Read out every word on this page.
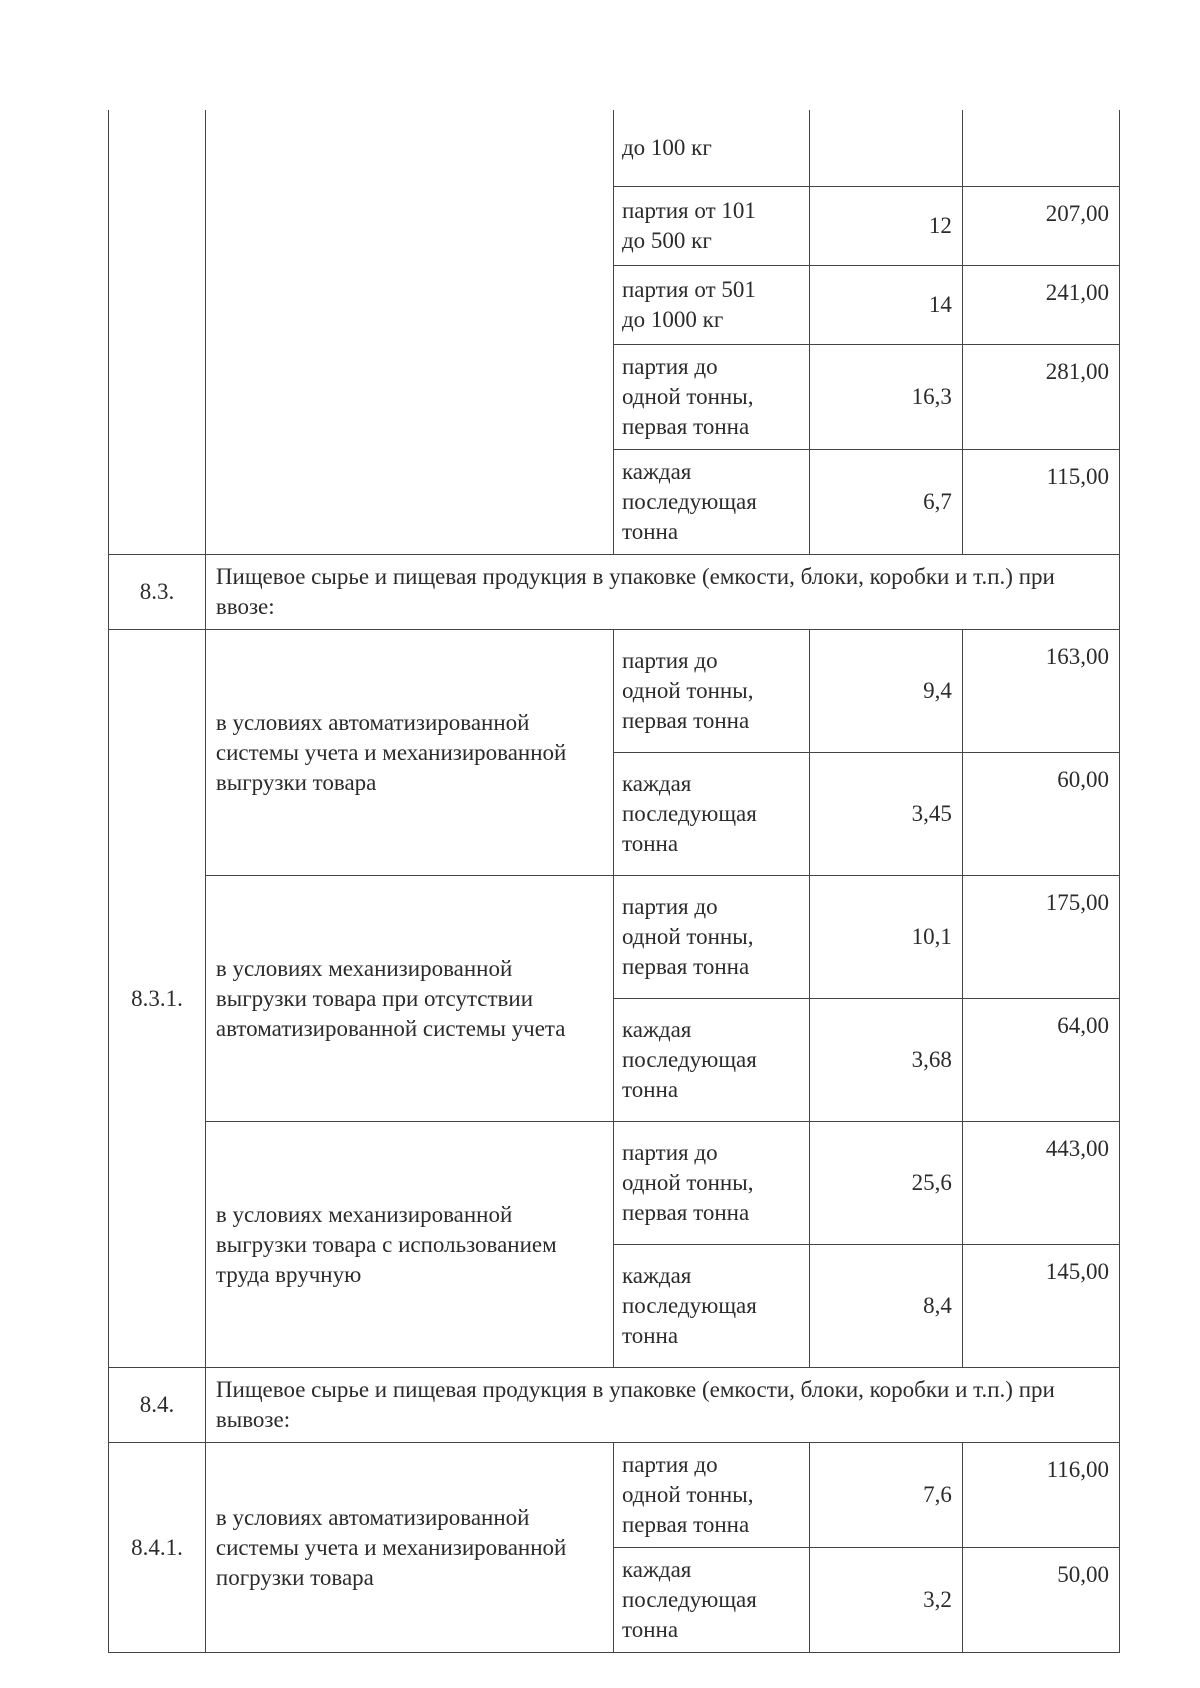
		до 100 кг		
		партия от 101
до 500 кг	12	207,00
		партия от 501
до 1000 кг	14	241,00
		партия до
одной тонны,
первая тонна	16,3	281,00
		каждая
последующая
тонна	6,7	115,00
8.3.	Пищевое сырье и пищевая продукция в упаковке (емкости, блоки, коробки и т.п.) при ввозе:			
8.3.1.	в условиях автоматизированной системы учета и механизированной выгрузки товара	партия до
одной тонны,
первая тонна	9,4	163,00
		каждая
последующая
тонна	3,45	60,00
	в условиях механизированной выгрузки товара при отсутствии автоматизированной системы учета	партия до
одной тонны,
первая тонна	10,1	175,00
		каждая
последующая
тонна	3,68	64,00
	в условиях механизированной выгрузки товара с использованием труда вручную	партия до
одной тонны,
первая тонна	25,6	443,00
		каждая
последующая
тонна	8,4	145,00
8.4.	Пищевое сырье и пищевая продукция в упаковке (емкости, блоки, коробки и т.п.) при вывозе:			
8.4.1.	в условиях автоматизированной системы учета и механизированной погрузки товара	партия до
одной тонны,
первая тонна	7,6	116,00
		каждая
последующая
тонна	3,2	50,00
